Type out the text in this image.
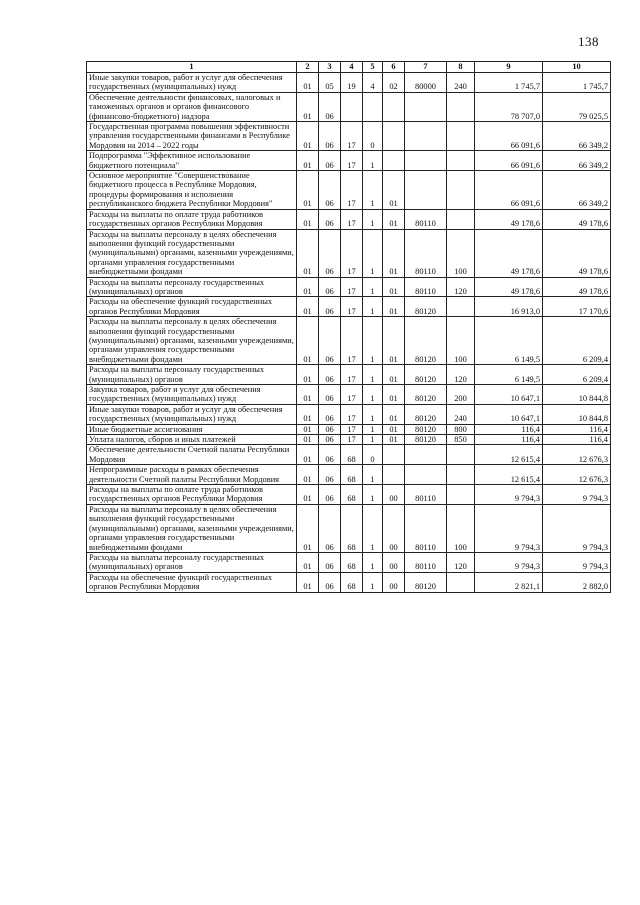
138
1	2	3	4	5	6	7	8	9	10
Иные закупки товаров, работ и услуг для обеспечения государственных (муниципальных) нужд	01	05	19	4	02	80000	240	1 745,7	1 745,7
Обеспечение деятельности финансовых, налоговых и таможенных органов и органов финансового (финансово-бюджетного) надзора	01	06						78 707,0	79 025,5
Государственная программа повышения эффективности управления государственными финансами в Республике Мордовия на 2014 – 2022 годы	01	06	17	0				66 091,6	66 349,2
Подпрограмма "Эффективное использование бюджетного потенциала"	01	06	17	1				66 091,6	66 349,2
Основное мероприятие "Совершенствование бюджетного процесса в Республике Мордовия, процедуры формирования и исполнения республиканского бюджета Республики Мордовия"	01	06	17	1	01			66 091,6	66 349,2
Расходы на выплаты по оплате труда работников государственных органов Республики Мордовия	01	06	17	1	01	80110		49 178,6	49 178,6
Расходы на выплаты персоналу в целях обеспечения выполнения функций государственными (муниципальными) органами, казенными учреждениями, органами управления государственными внебюджетными фондами	01	06	17	1	01	80110	100	49 178,6	49 178,6
Расходы на выплаты персоналу государственных (муниципальных) органов	01	06	17	1	01	80110	120	49 178,6	49 178,6
Расходы на обеспечение функций государственных органов Республики Мордовия	01	06	17	1	01	80120		16 913,0	17 170,6
Расходы на выплаты персоналу в целях обеспечения выполнения функций государственными (муниципальными) органами, казенными учреждениями, органами управления государственными внебюджетными фондами	01	06	17	1	01	80120	100	6 149,5	6 209,4
Расходы на выплаты персоналу государственных (муниципальных) органов	01	06	17	1	01	80120	120	6 149,5	6 209,4
Закупка товаров, работ и услуг для обеспечения государственных (муниципальных) нужд	01	06	17	1	01	80120	200	10 647,1	10 844,8
Иные закупки товаров, работ и услуг для обеспечения государственных (муниципальных) нужд	01	06	17	1	01	80120	240	10 647,1	10 844,8
Иные бюджетные ассигнования	01	06	17	1	01	80120	800	116,4	116,4
Уплата налогов, сборов и иных платежей	01	06	17	1	01	80120	850	116,4	116,4
Обеспечение деятельности Счетной палаты Республики Мордовия	01	06	68	0				12 615,4	12 676,3
Непрограммные расходы в рамках обеспечения деятельности Счетной палаты Республики Мордовия	01	06	68	1				12 615,4	12 676,3
Расходы на выплаты по оплате труда работников государственных органов Республики Мордовия	01	06	68	1	00	80110		9 794,3	9 794,3
Расходы на выплаты персоналу в целях обеспечения выполнения функций государственными (муниципальными) органами, казенными учреждениями, органами управления государственными внебюджетными фондами	01	06	68	1	00	80110	100	9 794,3	9 794,3
Расходы на выплаты персоналу государственных (муниципальных) органов	01	06	68	1	00	80110	120	9 794,3	9 794,3
Расходы на обеспечение функций государственных органов Республики Мордовия	01	06	68	1	00	80120		2 821,1	2 882,0
